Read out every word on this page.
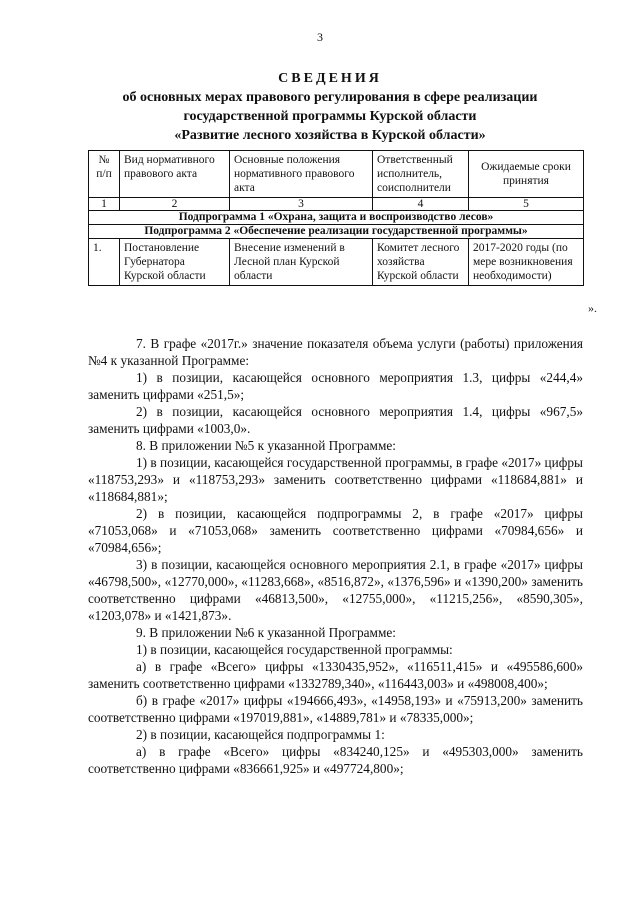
3
СВЕДЕНИЯ
об основных мерах правового регулирования в сфере реализации
государственной программы Курской области
«Развитие лесного хозяйства в Курской области»
№ п/п	Вид нормативного правового акта	Основные положения нормативного правового акта	Ответственный исполнитель, соисполнители	Ожидаемые сроки принятия
1	2	3	4	5
Подпрограмма 1 «Охрана, защита и воспроизводство лесов»				
Подпрограмма 2 «Обеспечение реализации государственной программы»				
1.	Постановление Губернатора Курской области	Внесение изменений в Лесной план Курской области	Комитет лесного хозяйства Курской области	2017-2020 годы (по мере возникновения необходимости)
».

7. В графе «2017г.» значение показателя объема услуги (работы) приложения №4 к указанной Программе:

1) в позиции, касающейся основного мероприятия 1.3, цифры «244,4» заменить цифрами «251,5»;

2) в позиции, касающейся основного мероприятия 1.4, цифры «967,5» заменить цифрами «1003,0».

8. В приложении №5 к указанной Программе:

1) в позиции, касающейся государственной программы, в графе «2017» цифры «118753,293» и «118753,293» заменить соответственно цифрами «118684,881» и «118684,881»;

2) в позиции, касающейся подпрограммы 2, в графе «2017» цифры «71053,068» и «71053,068» заменить соответственно цифрами «70984,656» и «70984,656»;

3) в позиции, касающейся основного мероприятия 2.1, в графе «2017» цифры «46798,500», «12770,000», «11283,668», «8516,872», «1376,596» и «1390,200» заменить соответственно цифрами «46813,500», «12755,000», «11215,256», «8590,305», «1203,078» и «1421,873».

9. В приложении №6 к указанной Программе:

1) в позиции, касающейся государственной программы:

а) в графе «Всего» цифры «1330435,952», «116511,415» и «495586,600» заменить соответственно цифрами «1332789,340», «116443,003» и «498008,400»;

б) в графе «2017» цифры «194666,493», «14958,193» и «75913,200» заменить соответственно цифрами «197019,881», «14889,781» и «78335,000»;

2) в позиции, касающейся подпрограммы 1:

а) в графе «Всего» цифры «834240,125» и «495303,000» заменить соответственно цифрами «836661,925» и «497724,800»;
